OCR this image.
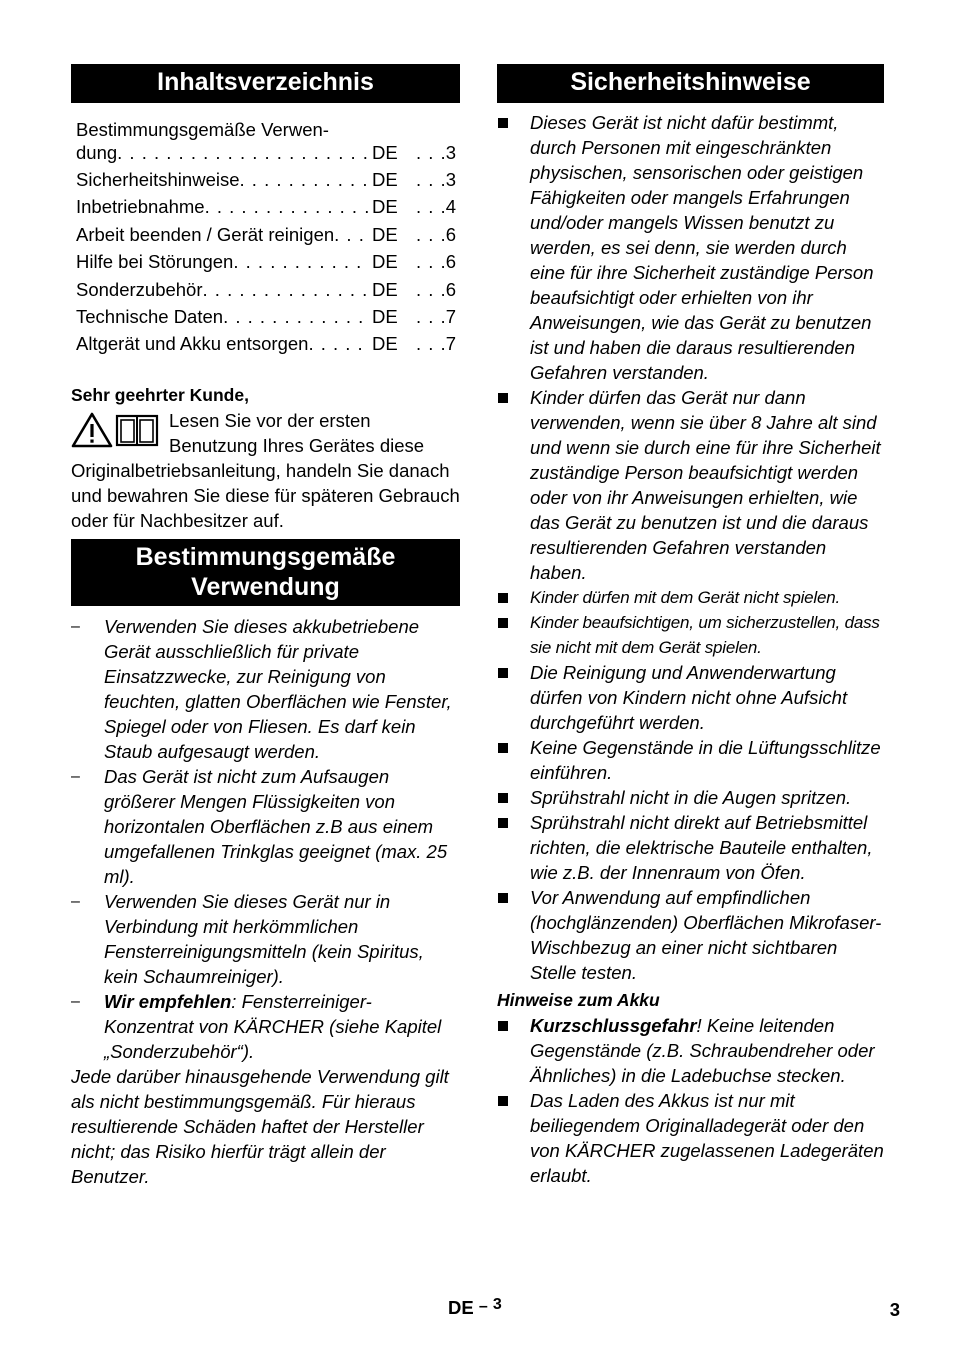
Inhaltsverzeichnis
Bestimmungsgemäße Verwen-
dung . . .	DE . . . 3
Sicherheitshinweise . . .	DE . . . 3
Inbetriebnahme . . .	DE . . . 4
Arbeit beenden / Gerät reinigen . . . DE . . . 6
Hilfe bei Störungen . . .	DE . . . 6
Sonderzubehör . . .	DE . . . 6
Technische Daten . . .	DE . . . 7
Altgerät und Akku entsorgen . . .	DE . . . 7
Sehr geehrter Kunde,
Lesen Sie vor der ersten Benutzung Ihres Gerätes diese Originalbetriebsanleitung, handeln Sie danach und bewahren Sie diese für späteren Gebrauch oder für Nachbesitzer auf.
Bestimmungsgemäße
Verwendung
– Verwenden Sie dieses akkubetriebene Gerät ausschließlich für private Einsatzzwecke, zur Reinigung von feuchten, glatten Oberflächen wie Fenster, Spiegel oder von Fliesen. Es darf kein Staub aufgesaugt werden.
– Das Gerät ist nicht zum Aufsaugen größerer Mengen Flüssigkeiten von horizontalen Oberflächen z.B aus einem umgefallenen Trinkglas geeignet (max. 25 ml).
– Verwenden Sie dieses Gerät nur in Verbindung mit herkömmlichen Fensterreinigungsmitteln (kein Spiritus, kein Schaumreiniger).
– Wir empfehlen: Fensterreiniger-Konzentrat von KÄRCHER (siehe Kapitel „Sonderzubehör“).
Jede darüber hinausgehende Verwendung gilt als nicht bestimmungsgemäß. Für hieraus resultierende Schäden haftet der Hersteller nicht; das Risiko hierfür trägt allein der Benutzer.
Sicherheitshinweise
Dieses Gerät ist nicht dafür bestimmt, durch Personen mit eingeschränkten physischen, sensorischen oder geistigen Fähigkeiten oder mangels Erfahrungen und/oder mangels Wissen benutzt zu werden, es sei denn, sie werden durch eine für ihre Sicherheit zuständige Person beaufsichtigt oder erhielten von ihr Anweisungen, wie das Gerät zu benutzen ist und haben die daraus resultierenden Gefahren verstanden.
Kinder dürfen das Gerät nur dann verwenden, wenn sie über 8 Jahre alt sind und wenn sie durch eine für ihre Sicherheit zuständige Person beaufsichtigt werden oder von ihr Anweisungen erhielten, wie das Gerät zu benutzen ist und die daraus resultierenden Gefahren verstanden haben.
Kinder dürfen mit dem Gerät nicht spielen.
Kinder beaufsichtigen, um sicherzustellen, dass sie nicht mit dem Gerät spielen.
Die Reinigung und Anwenderwartung dürfen von Kindern nicht ohne Aufsicht durchgeführt werden.
Keine Gegenstände in die Lüftungsschlitze einführen.
Sprühstrahl nicht in die Augen spritzen.
Sprühstrahl nicht direkt auf Betriebsmittel richten, die elektrische Bauteile enthalten, wie z.B. der Innenraum von Öfen.
Vor Anwendung auf empfindlichen (hochglänzenden) Oberflächen Mikrofaser-Wischbezug an einer nicht sichtbaren Stelle testen.
Hinweise zum Akku
Kurzschlussgefahr! Keine leitenden Gegenstände (z.B. Schraubendreher oder Ähnliches) in die Ladebuchse stecken.
Das Laden des Akkus ist nur mit beiliegendem Originalladegerät oder den von KÄRCHER zugelassenen Ladegeräten erlaubt.
DE – 3	3
